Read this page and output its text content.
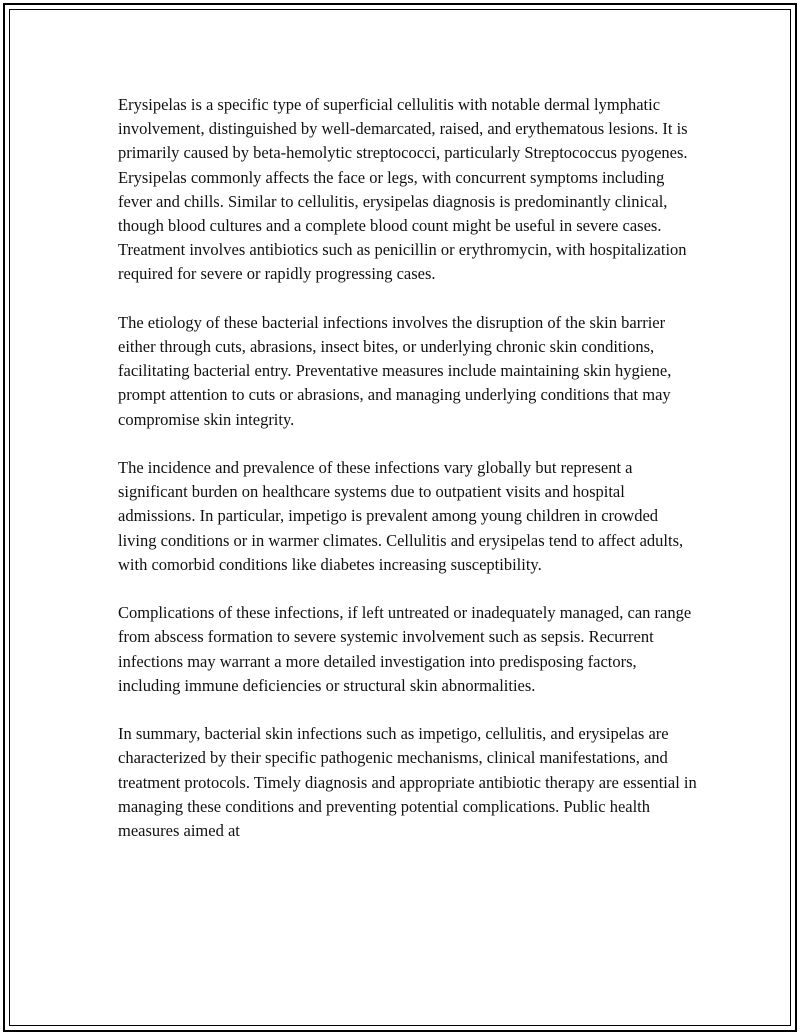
Erysipelas is a specific type of superficial cellulitis with notable dermal lymphatic involvement, distinguished by well-demarcated, raised, and erythematous lesions. It is primarily caused by beta-hemolytic streptococci, particularly Streptococcus pyogenes. Erysipelas commonly affects the face or legs, with concurrent symptoms including fever and chills. Similar to cellulitis, erysipelas diagnosis is predominantly clinical, though blood cultures and a complete blood count might be useful in severe cases. Treatment involves antibiotics such as penicillin or erythromycin, with hospitalization required for severe or rapidly progressing cases.

The etiology of these bacterial infections involves the disruption of the skin barrier either through cuts, abrasions, insect bites, or underlying chronic skin conditions, facilitating bacterial entry. Preventative measures include maintaining skin hygiene, prompt attention to cuts or abrasions, and managing underlying conditions that may compromise skin integrity.

The incidence and prevalence of these infections vary globally but represent a significant burden on healthcare systems due to outpatient visits and hospital admissions. In particular, impetigo is prevalent among young children in crowded living conditions or in warmer climates. Cellulitis and erysipelas tend to affect adults, with comorbid conditions like diabetes increasing susceptibility.

Complications of these infections, if left untreated or inadequately managed, can range from abscess formation to severe systemic involvement such as sepsis. Recurrent infections may warrant a more detailed investigation into predisposing factors, including immune deficiencies or structural skin abnormalities.

In summary, bacterial skin infections such as impetigo, cellulitis, and erysipelas are characterized by their specific pathogenic mechanisms, clinical manifestations, and treatment protocols. Timely diagnosis and appropriate antibiotic therapy are essential in managing these conditions and preventing potential complications. Public health measures aimed at
